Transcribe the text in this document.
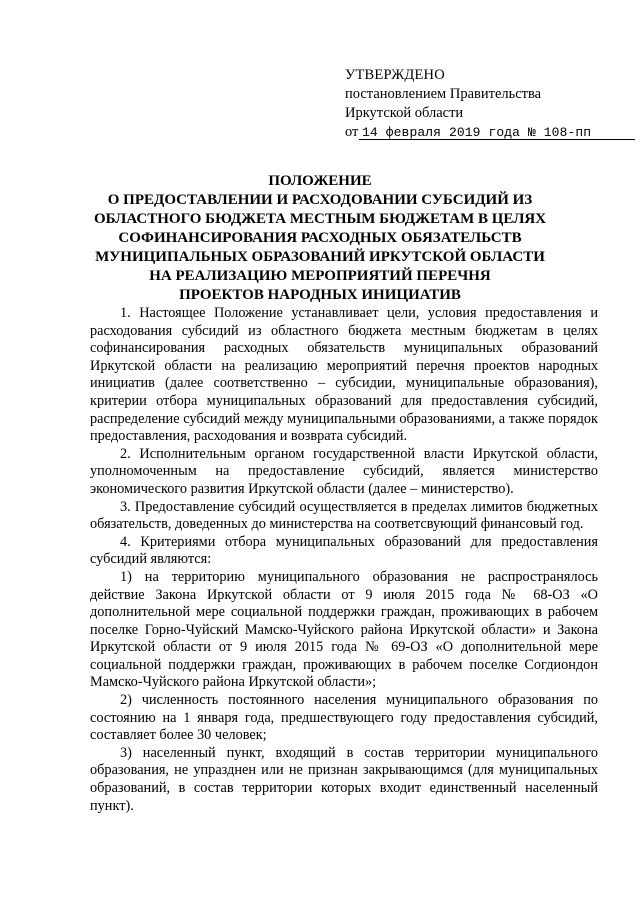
УТВЕРЖДЕНО
постановлением Правительства
Иркутской области
от 14 февраля 2019 года № 108-пп
ПОЛОЖЕНИЕ
О ПРЕДОСТАВЛЕНИИ И РАСХОДОВАНИИ СУБСИДИЙ ИЗ
ОБЛАСТНОГО БЮДЖЕТА МЕСТНЫМ БЮДЖЕТАМ В ЦЕЛЯХ
СОФИНАНСИРОВАНИЯ РАСХОДНЫХ ОБЯЗАТЕЛЬСТВ
МУНИЦИПАЛЬНЫХ ОБРАЗОВАНИЙ ИРКУТСКОЙ ОБЛАСТИ
НА РЕАЛИЗАЦИЮ МЕРОПРИЯТИЙ ПЕРЕЧНЯ
ПРОЕКТОВ НАРОДНЫХ ИНИЦИАТИВ

1. Настоящее Положение устанавливает цели, условия предоставления и расходования субсидий из областного бюджета местным бюджетам в целях софинансирования расходных обязательств муниципальных образований Иркутской области на реализацию мероприятий перечня проектов народных инициатив (далее соответственно – субсидии, муниципальные образования), критерии отбора муниципальных образований для предоставления субсидий, распределение субсидий между муниципальными образованиями, а также порядок предоставления, расходования и возврата субсидий.

2. Исполнительным органом государственной власти Иркутской области, уполномоченным на предоставление субсидий, является министерство экономического развития Иркутской области (далее – министерство).

3. Предоставление субсидий осуществляется в пределах лимитов бюджетных обязательств, доведенных до министерства на соответсвующий финансовый год.

4. Критериями отбора муниципальных образований для предоставления субсидий являются:

1) на территорию муниципального образования не распространялось действие Закона Иркутской области от 9 июля 2015 года № 68-ОЗ «О дополнительной мере социальной поддержки граждан, проживающих в рабочем поселке Горно-Чуйский Мамско-Чуйского района Иркутской области» и Закона Иркутской области от 9 июля 2015 года № 69-ОЗ «О дополнительной мере социальной поддержки граждан, проживающих в рабочем поселке Согдиондон Мамско-Чуйского района Иркутской области»;

2) численность постоянного населения муниципального образования по состоянию на 1 января года, предшествующего году предоставления субсидий, составляет более 30 человек;

3) населенный пункт, входящий в состав территории муниципального образования, не упразднен или не признан закрывающимся (для муниципальных образований, в состав территории которых входит единственный населенный пункт).
